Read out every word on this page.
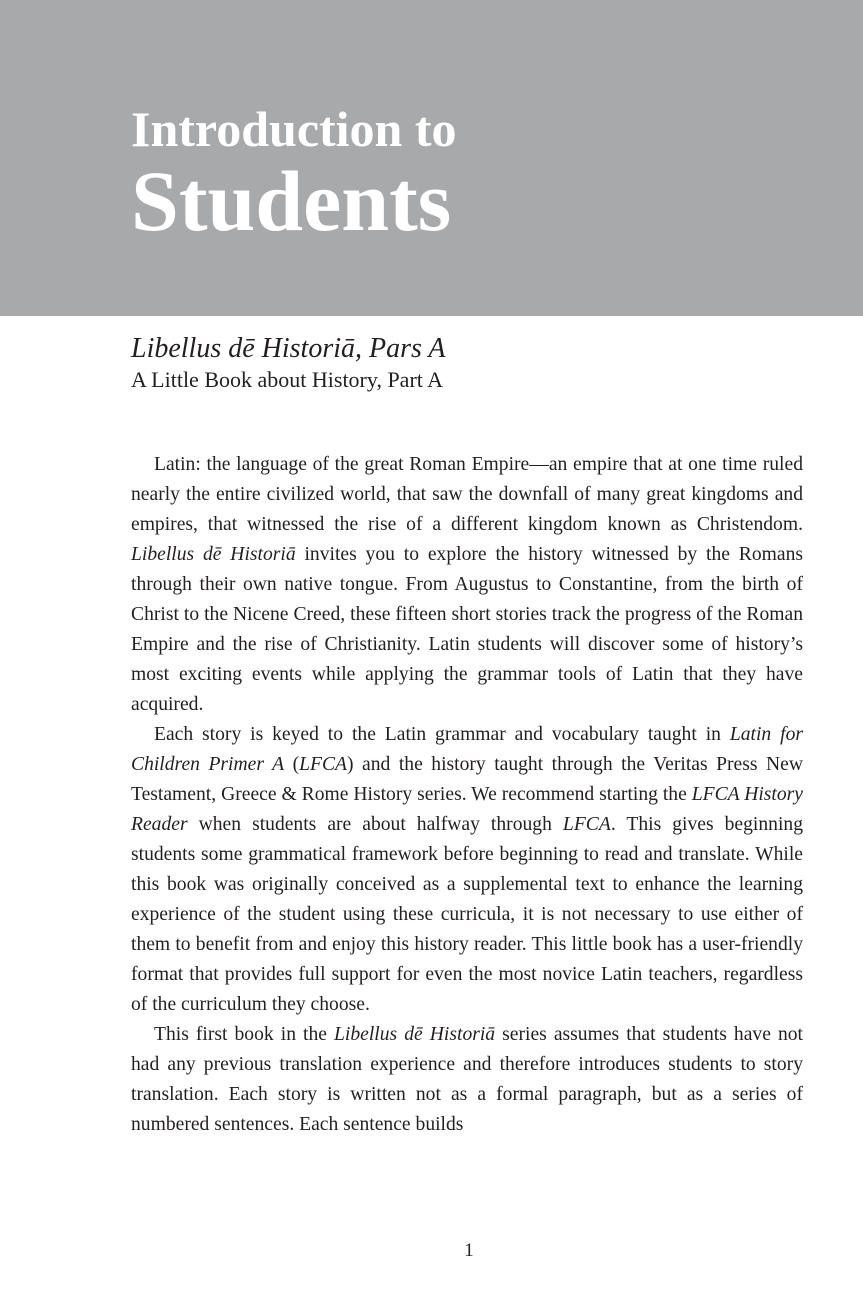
Introduction to
Students
Libellus dē Historiā, Pars A
A Little Book about History, Part A

Latin: the language of the great Roman Empire—an empire that at one time ruled nearly the entire civilized world, that saw the downfall of many great kingdoms and empires, that witnessed the rise of a different kingdom known as Christendom. Libellus dē Historiā invites you to explore the history witnessed by the Romans through their own native tongue. From Augustus to Constantine, from the birth of Christ to the Nicene Creed, these fifteen short stories track the progress of the Roman Empire and the rise of Christianity. Latin students will discover some of history’s most exciting events while applying the grammar tools of Latin that they have acquired.

Each story is keyed to the Latin grammar and vocabulary taught in Latin for Children Primer A (LFCA) and the history taught through the Veritas Press New Testament, Greece & Rome History series. We recommend starting the LFCA History Reader when students are about halfway through LFCA. This gives beginning students some grammatical framework before beginning to read and translate. While this book was originally conceived as a supplemental text to enhance the learning experience of the student using these curricula, it is not necessary to use either of them to benefit from and enjoy this history reader. This little book has a user-friendly format that provides full support for even the most novice Latin teachers, regardless of the curriculum they choose.

This first book in the Libellus dē Historiā series assumes that students have not had any previous translation experience and therefore introduces students to story translation. Each story is written not as a formal paragraph, but as a series of numbered sentences. Each sentence builds

1
